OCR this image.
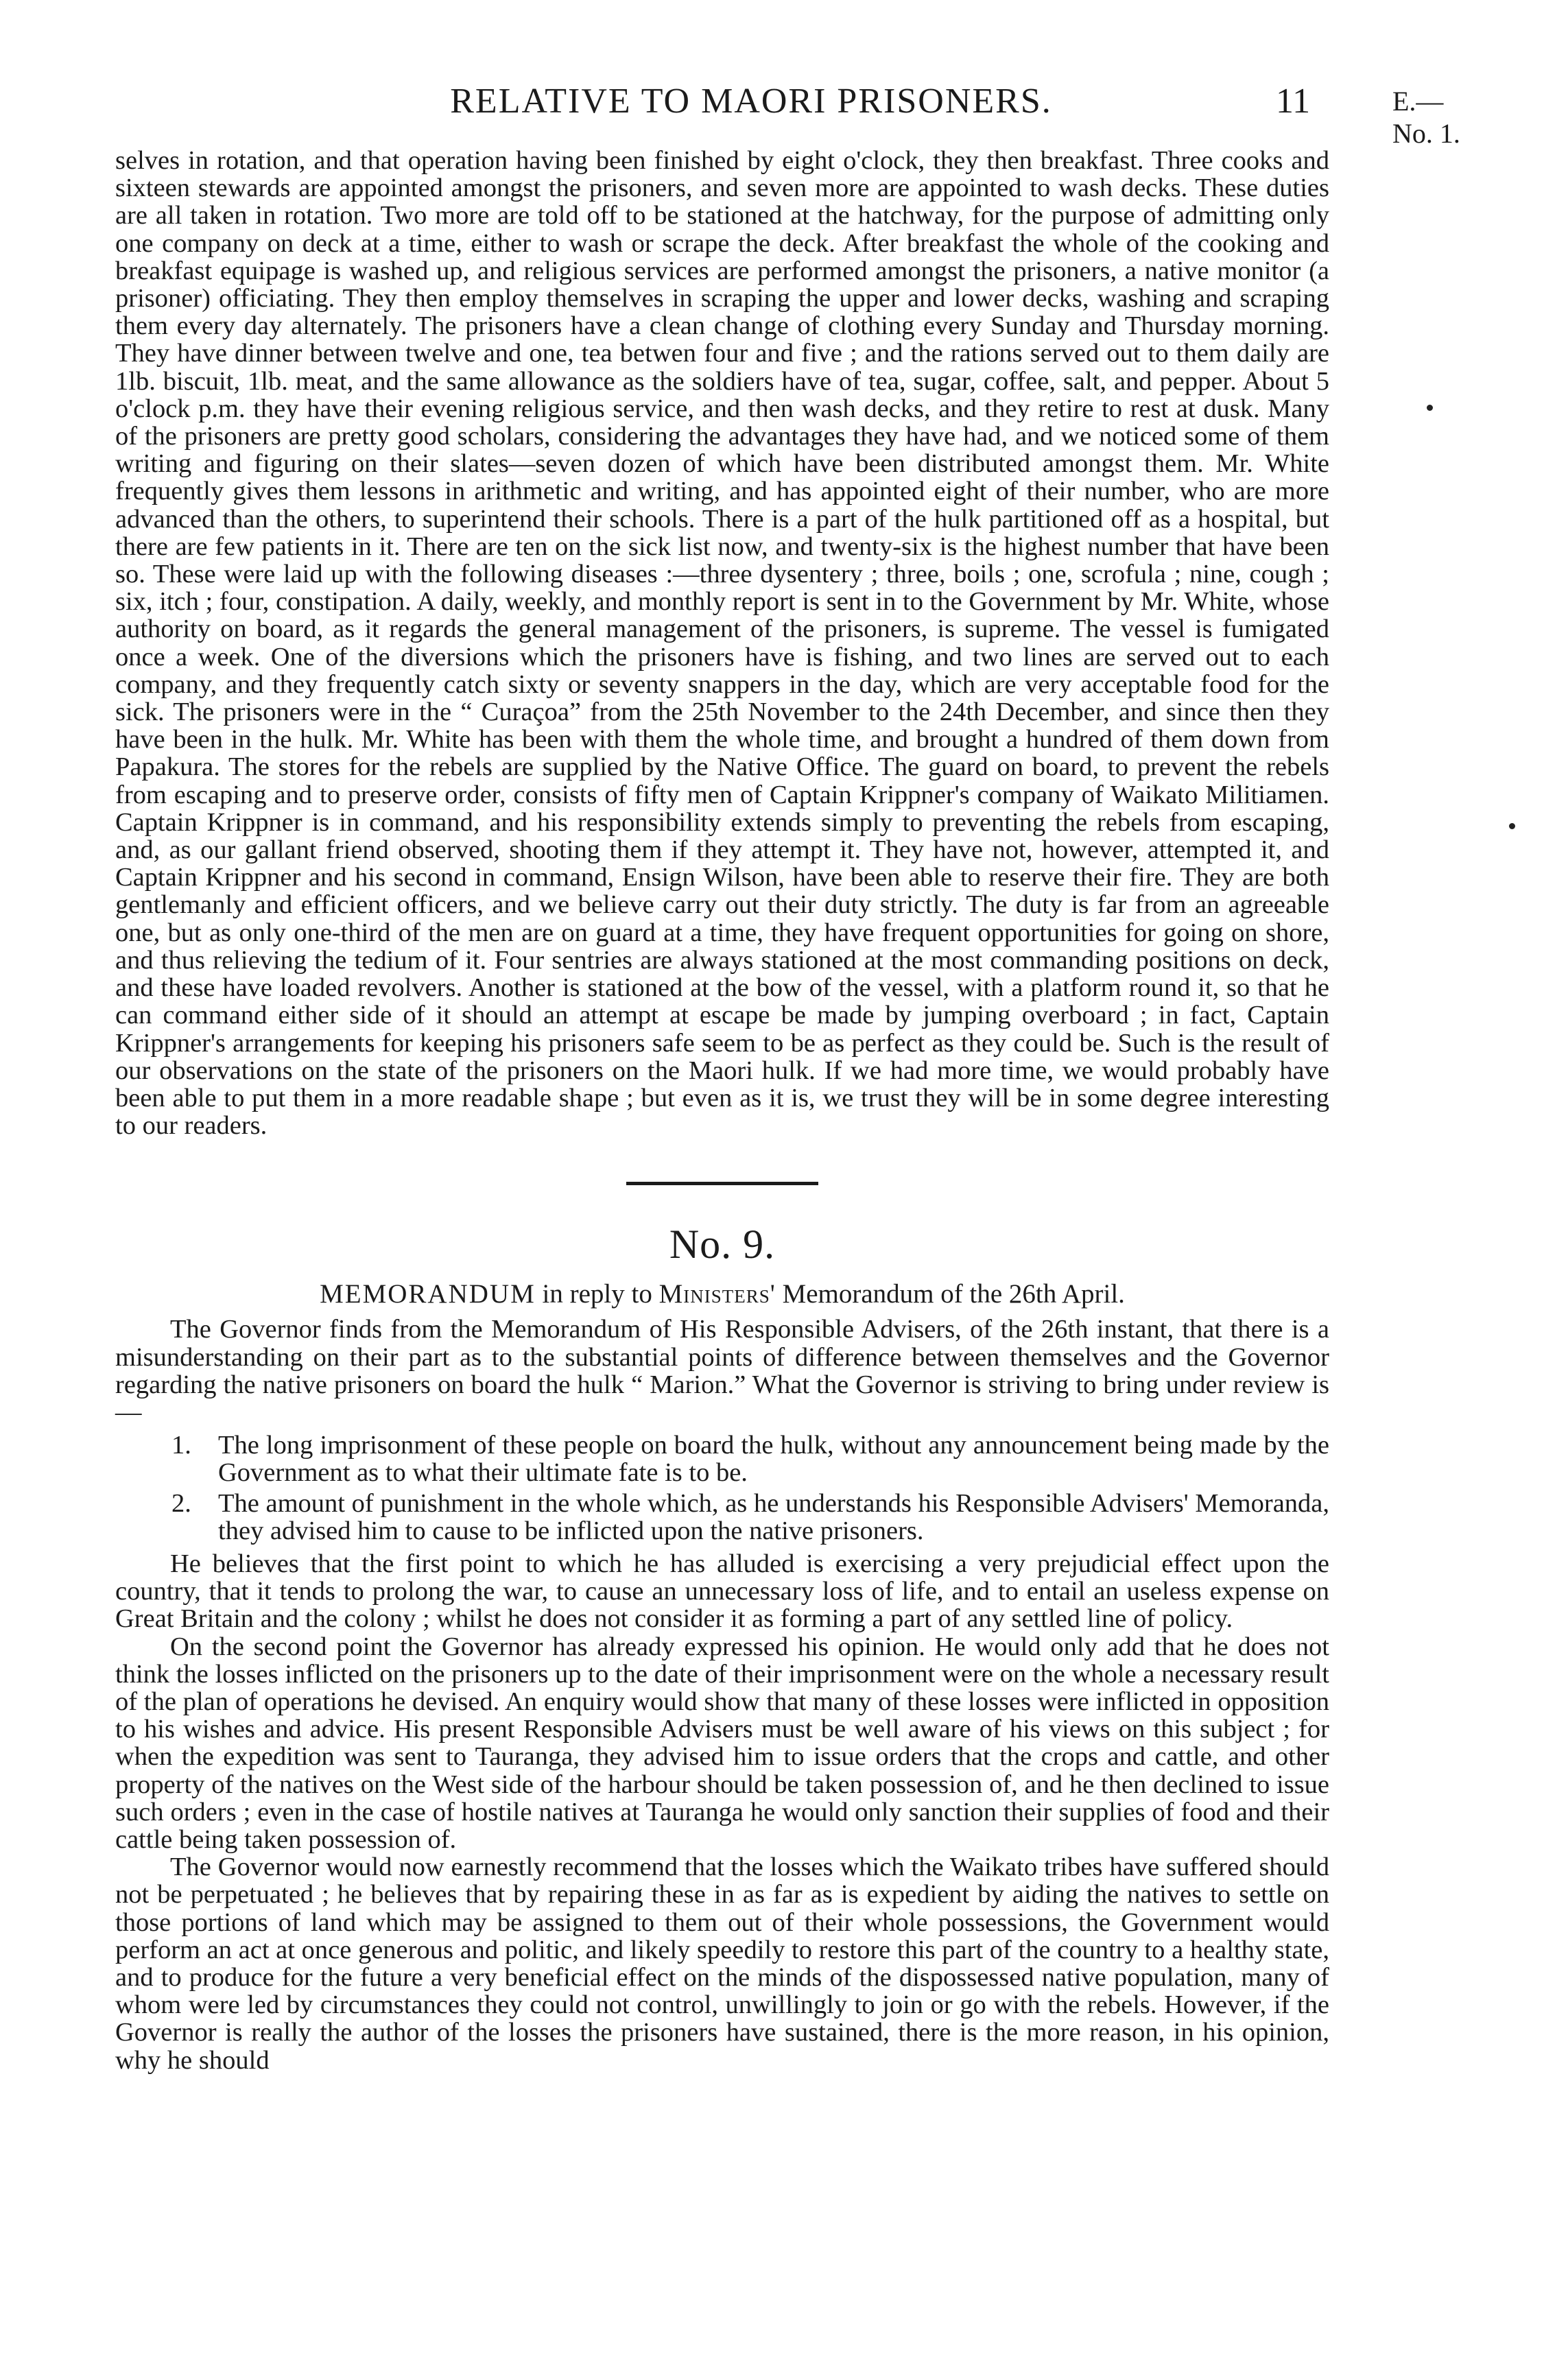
RELATIVE TO MAORI PRISONERS.	11	E.—No. 1.

selves in rotation, and that operation having been finished by eight o'clock, they then breakfast. Three cooks and sixteen stewards are appointed amongst the prisoners, and seven more are appointed to wash decks. These duties are all taken in rotation. Two more are told off to be stationed at the hatchway, for the purpose of admitting only one company on deck at a time, either to wash or scrape the deck. After breakfast the whole of the cooking and breakfast equipage is washed up, and religious services are performed amongst the prisoners, a native monitor (a prisoner) officiating. They then employ themselves in scraping the upper and lower decks, washing and scraping them every day alternately. The prisoners have a clean change of clothing every Sunday and Thursday morning. They have dinner between twelve and one, tea betwen four and five ; and the rations served out to them daily are 1lb. biscuit, 1lb. meat, and the same allowance as the soldiers have of tea, sugar, coffee, salt, and pepper. About 5 o'clock p.m. they have their evening religious service, and then wash decks, and they retire to rest at dusk. Many of the prisoners are pretty good scholars, considering the advantages they have had, and we noticed some of them writing and figuring on their slates—seven dozen of which have been distributed amongst them. Mr. White frequently gives them lessons in arithmetic and writing, and has appointed eight of their number, who are more advanced than the others, to superintend their schools. There is a part of the hulk partitioned off as a hospital, but there are few patients in it. There are ten on the sick list now, and twenty-six is the highest number that have been so. These were laid up with the following diseases :—three dysentery ; three, boils ; one, scrofula ; nine, cough ; six, itch ; four, constipation. A daily, weekly, and monthly report is sent in to the Government by Mr. White, whose authority on board, as it regards the general management of the prisoners, is supreme. The vessel is fumigated once a week. One of the diversions which the prisoners have is fishing, and two lines are served out to each company, and they frequently catch sixty or seventy snappers in the day, which are very acceptable food for the sick. The prisoners were in the “ Curaçoa” from the 25th November to the 24th December, and since then they have been in the hulk. Mr. White has been with them the whole time, and brought a hundred of them down from Papakura. The stores for the rebels are supplied by the Native Office. The guard on board, to prevent the rebels from escaping and to preserve order, consists of fifty men of Captain Krippner's company of Waikato Militiamen. Captain Krippner is in command, and his responsibility extends simply to preventing the rebels from escaping, and, as our gallant friend observed, shooting them if they attempt it. They have not, however, attempted it, and Captain Krippner and his second in command, Ensign Wilson, have been able to reserve their fire. They are both gentlemanly and efficient officers, and we believe carry out their duty strictly. The duty is far from an agreeable one, but as only one-third of the men are on guard at a time, they have frequent opportunities for going on shore, and thus relieving the tedium of it. Four sentries are always stationed at the most commanding positions on deck, and these have loaded revolvers. Another is stationed at the bow of the vessel, with a platform round it, so that he can command either side of it should an attempt at escape be made by jumping overboard ; in fact, Captain Krippner's arrangements for keeping his prisoners safe seem to be as perfect as they could be. Such is the result of our observations on the state of the prisoners on the Maori hulk. If we had more time, we would probably have been able to put them in a more readable shape ; but even as it is, we trust they will be in some degree interesting to our readers.

No. 9.
MEMORANDUM in reply to Ministers' Memorandum of the 26th April.

The Governor finds from the Memorandum of His Responsible Advisers, of the 26th instant, that there is a misunderstanding on their part as to the substantial points of difference between themselves and the Governor regarding the native prisoners on board the hulk “ Marion.” What the Governor is striving to bring under review is—

1.	The long imprisonment of these people on board the hulk, without any announcement being made by the Government as to what their ultimate fate is to be.
2.	The amount of punishment in the whole which, as he understands his Responsible Advisers' Memoranda, they advised him to cause to be inflicted upon the native prisoners.

He believes that the first point to which he has alluded is exercising a very prejudicial effect upon the country, that it tends to prolong the war, to cause an unnecessary loss of life, and to entail an useless expense on Great Britain and the colony ; whilst he does not consider it as forming a part of any settled line of policy.

On the second point the Governor has already expressed his opinion. He would only add that he does not think the losses inflicted on the prisoners up to the date of their imprisonment were on the whole a necessary result of the plan of operations he devised. An enquiry would show that many of these losses were inflicted in opposition to his wishes and advice. His present Responsible Advisers must be well aware of his views on this subject ; for when the expedition was sent to Tauranga, they advised him to issue orders that the crops and cattle, and other property of the natives on the West side of the harbour should be taken possession of, and he then declined to issue such orders ; even in the case of hostile natives at Tauranga he would only sanction their supplies of food and their cattle being taken possession of.

The Governor would now earnestly recommend that the losses which the Waikato tribes have suffered should not be perpetuated ; he believes that by repairing these in as far as is expedient by aiding the natives to settle on those portions of land which may be assigned to them out of their whole possessions, the Government would perform an act at once generous and politic, and likely speedily to restore this part of the country to a healthy state, and to produce for the future a very beneficial effect on the minds of the dispossessed native population, many of whom were led by circumstances they could not control, unwillingly to join or go with the rebels. However, if the Governor is really the author of the losses the prisoners have sustained, there is the more reason, in his opinion, why he should
